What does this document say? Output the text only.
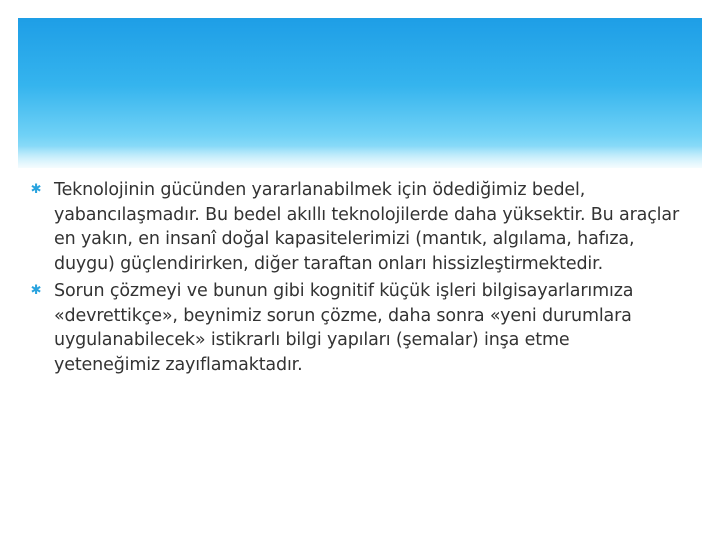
✱ Teknolojinin gücünden yararlanabilmek için ödediğimiz bedel, yabancılaşmadır. Bu bedel akıllı teknolojilerde daha yüksektir. Bu araçlar en yakın, en insanî doğal kapasitelerimizi (mantık, algılama, hafıza, duygu) güçlendirirken, diğer taraftan onları hissizleştirmektedir.
✱ Sorun çözmeyi ve bunun gibi kognitif küçük işleri bilgisayarlarımıza «devrettikçe», beynimiz sorun çözme, daha sonra «yeni durumlara uygulanabilecek» istikrarlı bilgi yapıları (şemalar) inşa etme yeteneğimiz zayıflamaktadır.
